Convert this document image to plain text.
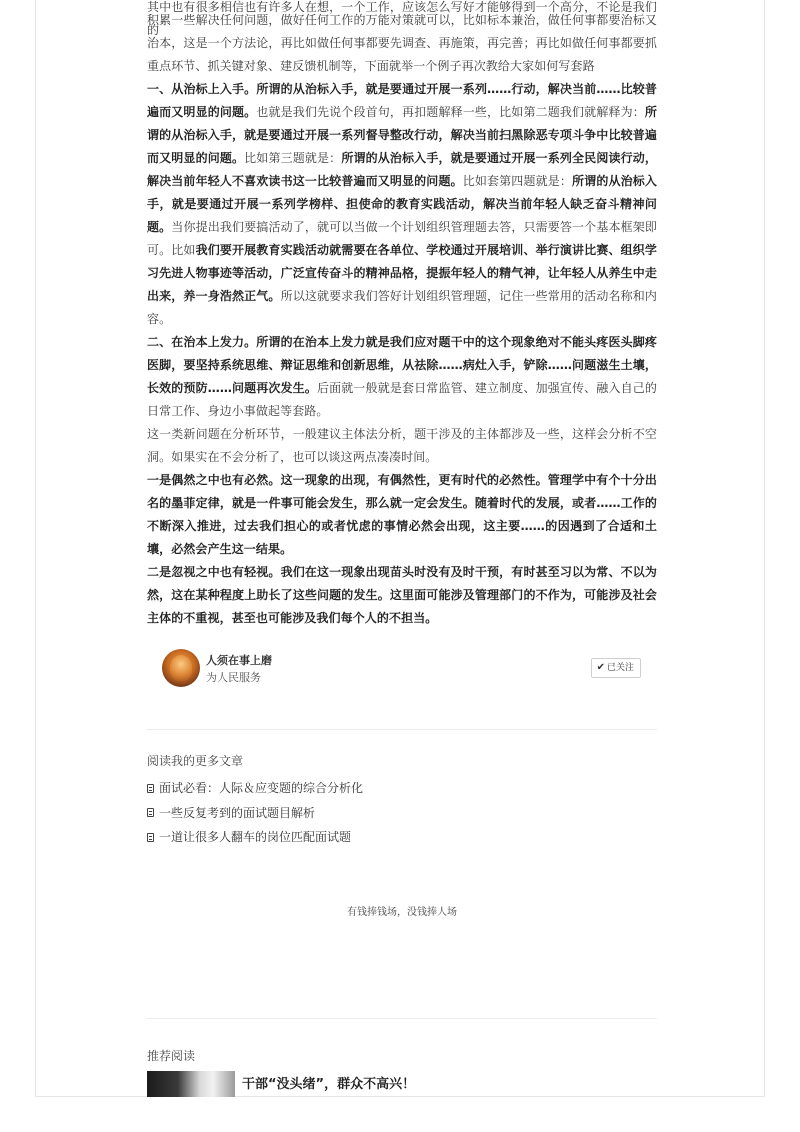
其中也有很多相信也有许多人在想，一个工作，应该怎么写好才能够得到一个高分，不论是我们的

积累一些解决任何问题，做好任何工作的万能对策就可以，比如标本兼治，做任何事都要治标又治本，这是一个方法论，再比如做任何事都要先调查、再施策，再完善；再比如做任何事都要抓重点环节、抓关键对象、建反馈机制等，下面就举一个例子再次教给大家如何写套路

一、从治标上入手。所谓的从治标入手，就是要通过开展一系列……行动，解决当前……比较普遍而又明显的问题。也就是我们先说个段首句，再扣题解释一些，比如第二题我们就解释为：所谓的从治标入手，就是要通过开展一系列督导整改行动，解决当前扫黑除恶专项斗争中比较普遍而又明显的问题。比如第三题就是：所谓的从治标入手，就是要通过开展一系列全民阅读行动，解决当前年轻人不喜欢读书这一比较普遍而又明显的问题。比如套第四题就是：所谓的从治标入手，就是要通过开展一系列学榜样、担使命的教育实践活动，解决当前年轻人缺乏奋斗精神问题。当你提出我们要搞活动了，就可以当做一个计划组织管理题去答，只需要答一个基本框架即可。比如我们要开展教育实践活动就需要在各单位、学校通过开展培训、举行演讲比赛、组织学习先进人物事迹等活动，广泛宣传奋斗的精神品格，提振年轻人的精气神，让年轻人从养生中走出来，养一身浩然正气。所以这就要求我们答好计划组织管理题，记住一些常用的活动名称和内容。

二、在治本上发力。所谓的在治本上发力就是我们应对题干中的这个现象绝对不能头疼医头脚疼医脚，要坚持系统思维、辩证思维和创新思维，从祛除……病灶入手，铲除……问题滋生土壤，长效的预防……问题再次发生。后面就一般就是套日常监管、建立制度、加强宣传、融入自己的日常工作、身边小事做起等套路。

这一类新问题在分析环节，一般建议主体法分析，题干涉及的主体都涉及一些，这样会分析不空洞。如果实在不会分析了，也可以谈这两点凑凑时间。

一是偶然之中也有必然。这一现象的出现，有偶然性，更有时代的必然性。管理学中有个十分出名的墨菲定律，就是一件事可能会发生，那么就一定会发生。随着时代的发展，或者……工作的不断深入推进，过去我们担心的或者忧虑的事情必然会出现，这主要……的因遇到了合适和土壤，必然会产生这一结果。

二是忽视之中也有轻视。我们在这一现象出现苗头时没有及时干预，有时甚至习以为常、不以为然，这在某种程度上助长了这些问题的发生。这里面可能涉及管理部门的不作为，可能涉及社会主体的不重视，甚至也可能涉及我们每个人的不担当。

人须在事上磨
为人民服务
✔ 已关注
阅读我的更多文章
面试必看：人际＆应变题的综合分析化
一些反复考到的面试题目解析
一道让很多人翻车的岗位匹配面试题
有钱捧钱场，没钱捧人场
推荐阅读
干部“没头绪”，群众不高兴！
